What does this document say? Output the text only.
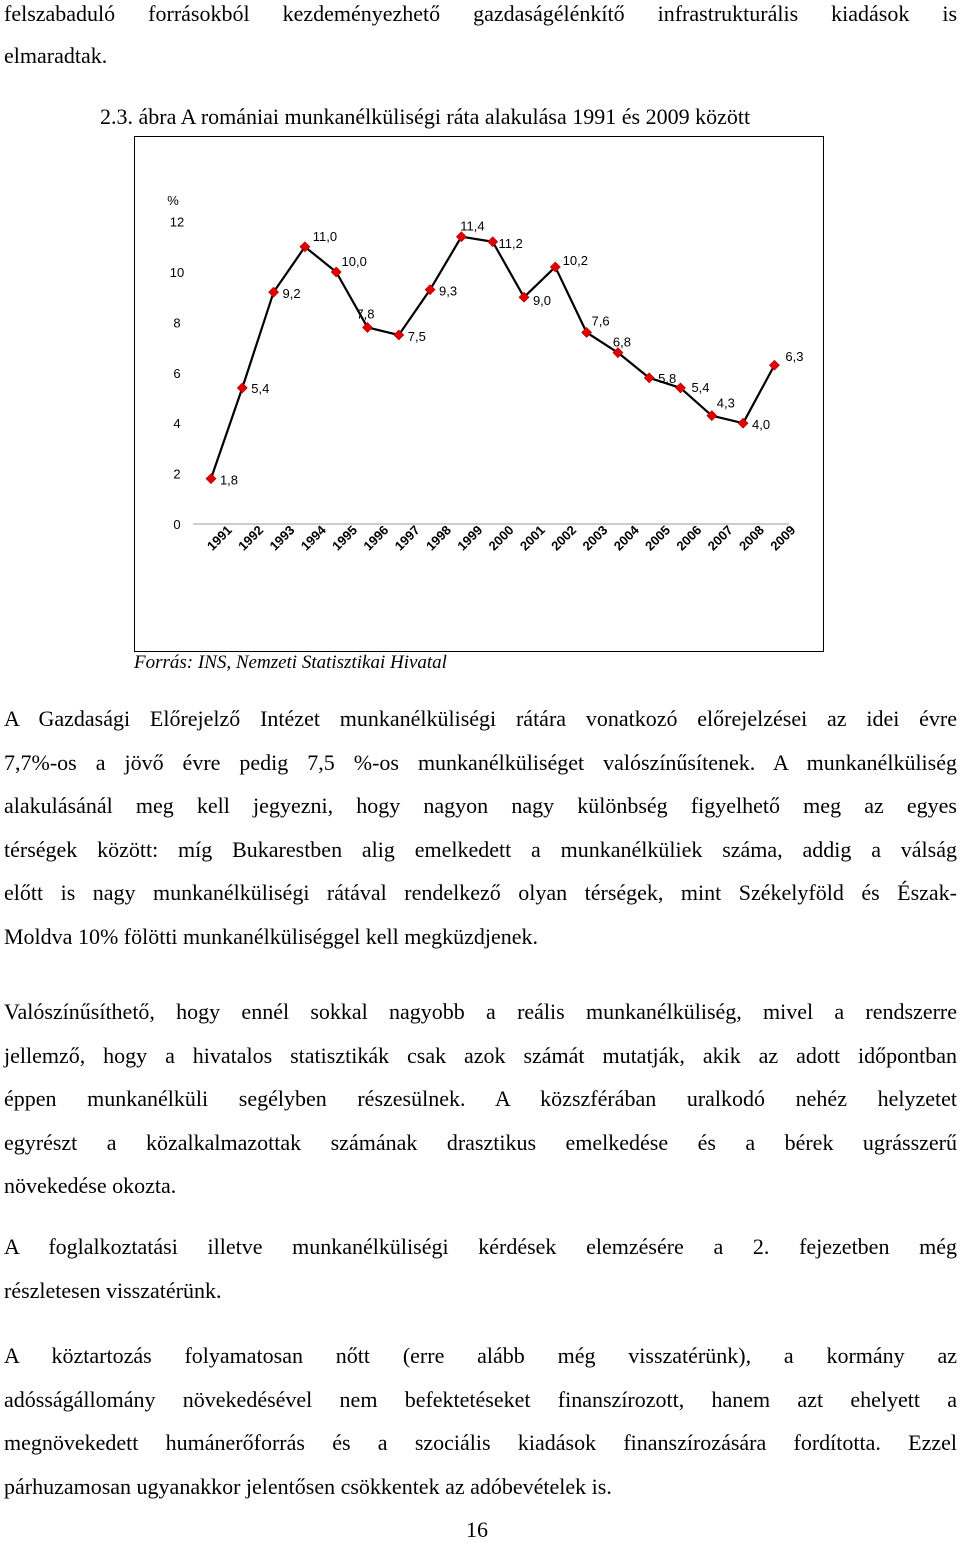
felszabaduló forrásokból kezdeményezhető gazdaságélénkítő infrastrukturális kiadások is

elmaradtak.

2.3. ábra A romániai munkanélküliségi ráta alakulása 1991 és 2009 között

%
0
2
4
6
8
10
12
1991 1992 1993 1994 1995 1996 1997 1998 1999 2000 2001 2002 2003 2004 2005 2006 2007 2008 2009
1,8
5,4
9,2
11,0
10,0
7,8
7,5
9,3
11,4
11,2
9,0
10,2
7,6
6,8
5,8
5,4
4,3
4,0
6,3

Forrás: INS, Nemzeti Statisztikai Hivatal

A Gazdasági Előrejelző Intézet munkanélküliségi rátára vonatkozó előrejelzései az idei évre

7,7%-os a jövő évre pedig 7,5 %-os munkanélküliséget valószínűsítenek. A munkanélküliség

alakulásánál meg kell jegyezni, hogy nagyon nagy különbség figyelhető meg az egyes

térségek között: míg Bukarestben alig emelkedett a munkanélküliek száma, addig a válság

előtt is nagy munkanélküliségi rátával rendelkező olyan térségek, mint Székelyföld és Észak-

Moldva 10% fölötti munkanélküliséggel kell megküzdjenek.

Valószínűsíthető, hogy ennél sokkal nagyobb a reális munkanélküliség, mivel a rendszerre

jellemző, hogy a hivatalos statisztikák csak azok számát mutatják, akik az adott időpontban

éppen munkanélküli segélyben részesülnek. A közszférában uralkodó nehéz helyzetet

egyrészt a közalkalmazottak számának drasztikus emelkedése és a bérek ugrásszerű

növekedése okozta.

A foglalkoztatási illetve munkanélküliségi kérdések elemzésére a 2. fejezetben még

részletesen visszatérünk.

A köztartozás folyamatosan nőtt (erre alább még visszatérünk), a kormány az

adósságállomány növekedésével nem befektetéseket finanszírozott, hanem azt ehelyett a

megnövekedett humánerőforrás és a szociális kiadások finanszírozására fordította. Ezzel

párhuzamosan ugyanakkor jelentősen csökkentek az adóbevételek is.

16
